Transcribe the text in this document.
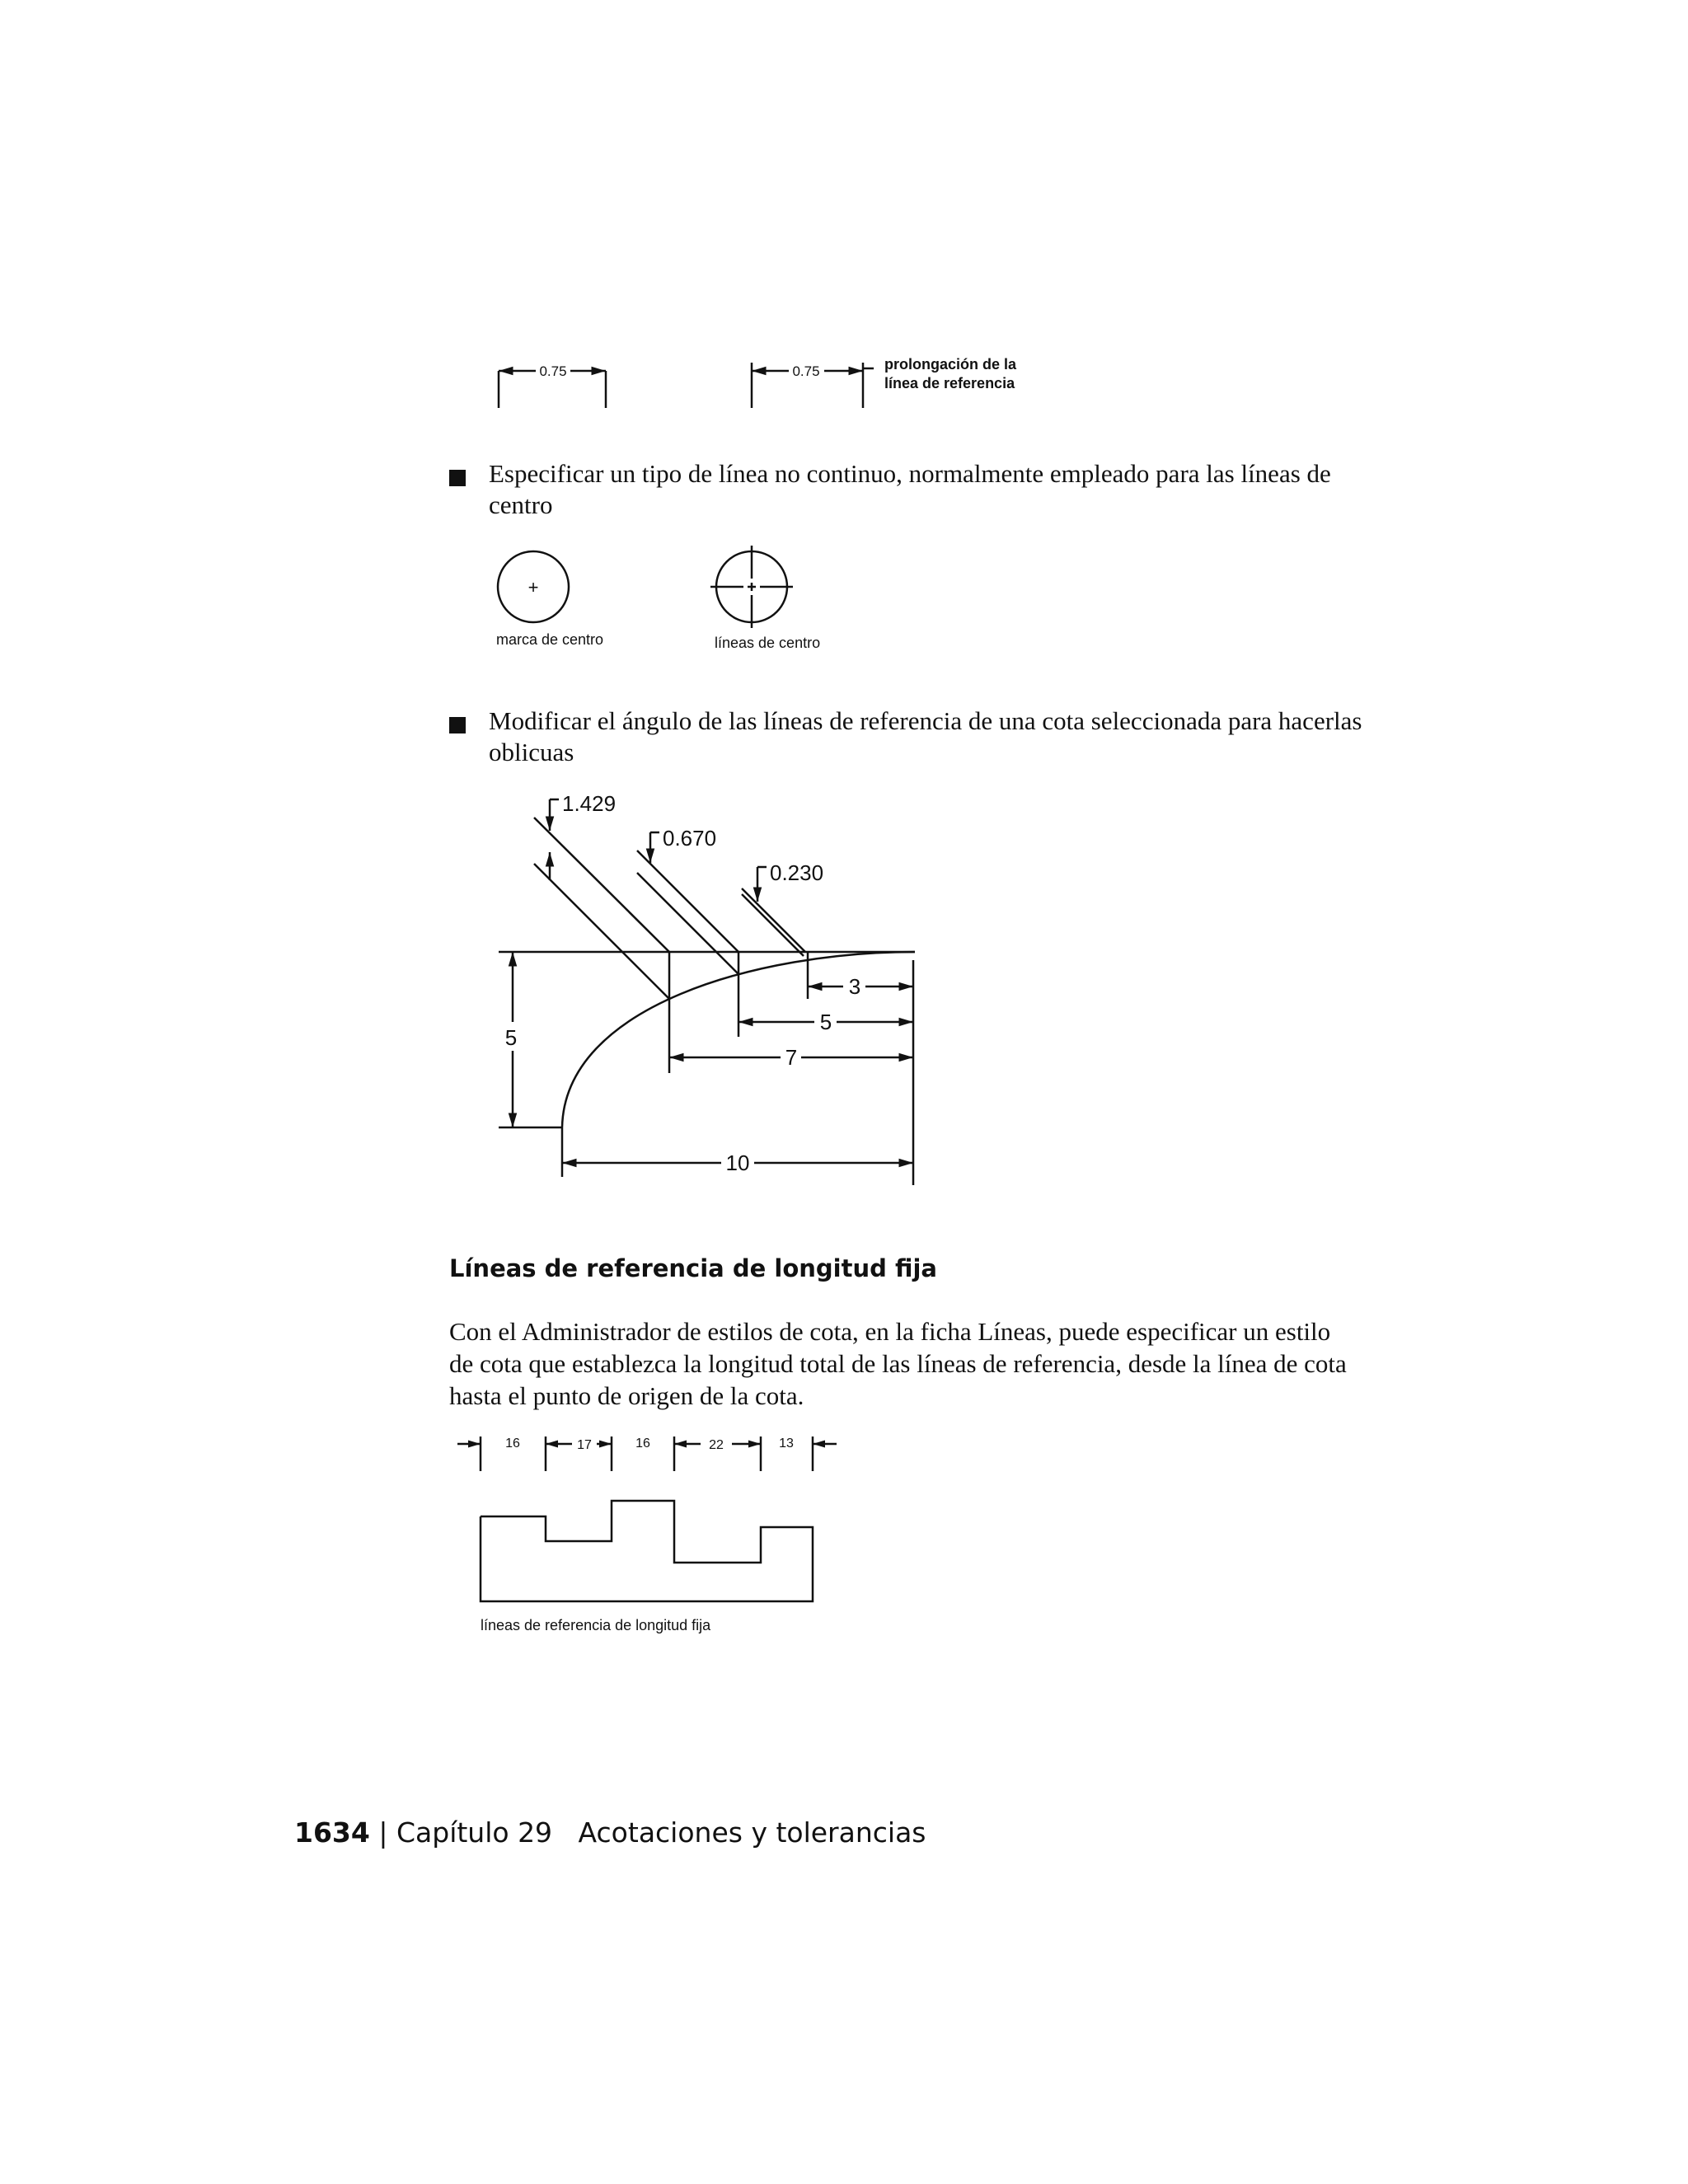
0.75	0.75	prolongación de la
línea de referencia
Especificar un tipo de línea no continuo, normalmente empleado para las líneas de centro
+
marca de centro	líneas de centro
Modificar el ángulo de las líneas de referencia de una cota seleccionada para hacerlas oblicuas
1.429
0.670
0.230
3
5
7
10
5
Líneas de referencia de longitud fija
Con el Administrador de estilos de cota, en la ficha Líneas, puede especificar un estilo de cota que establezca la longitud total de las líneas de referencia, desde la línea de cota hasta el punto de origen de la cota.
16	17	16	22	13
líneas de referencia de longitud fija
1634 | Capítulo 29 Acotaciones y tolerancias
